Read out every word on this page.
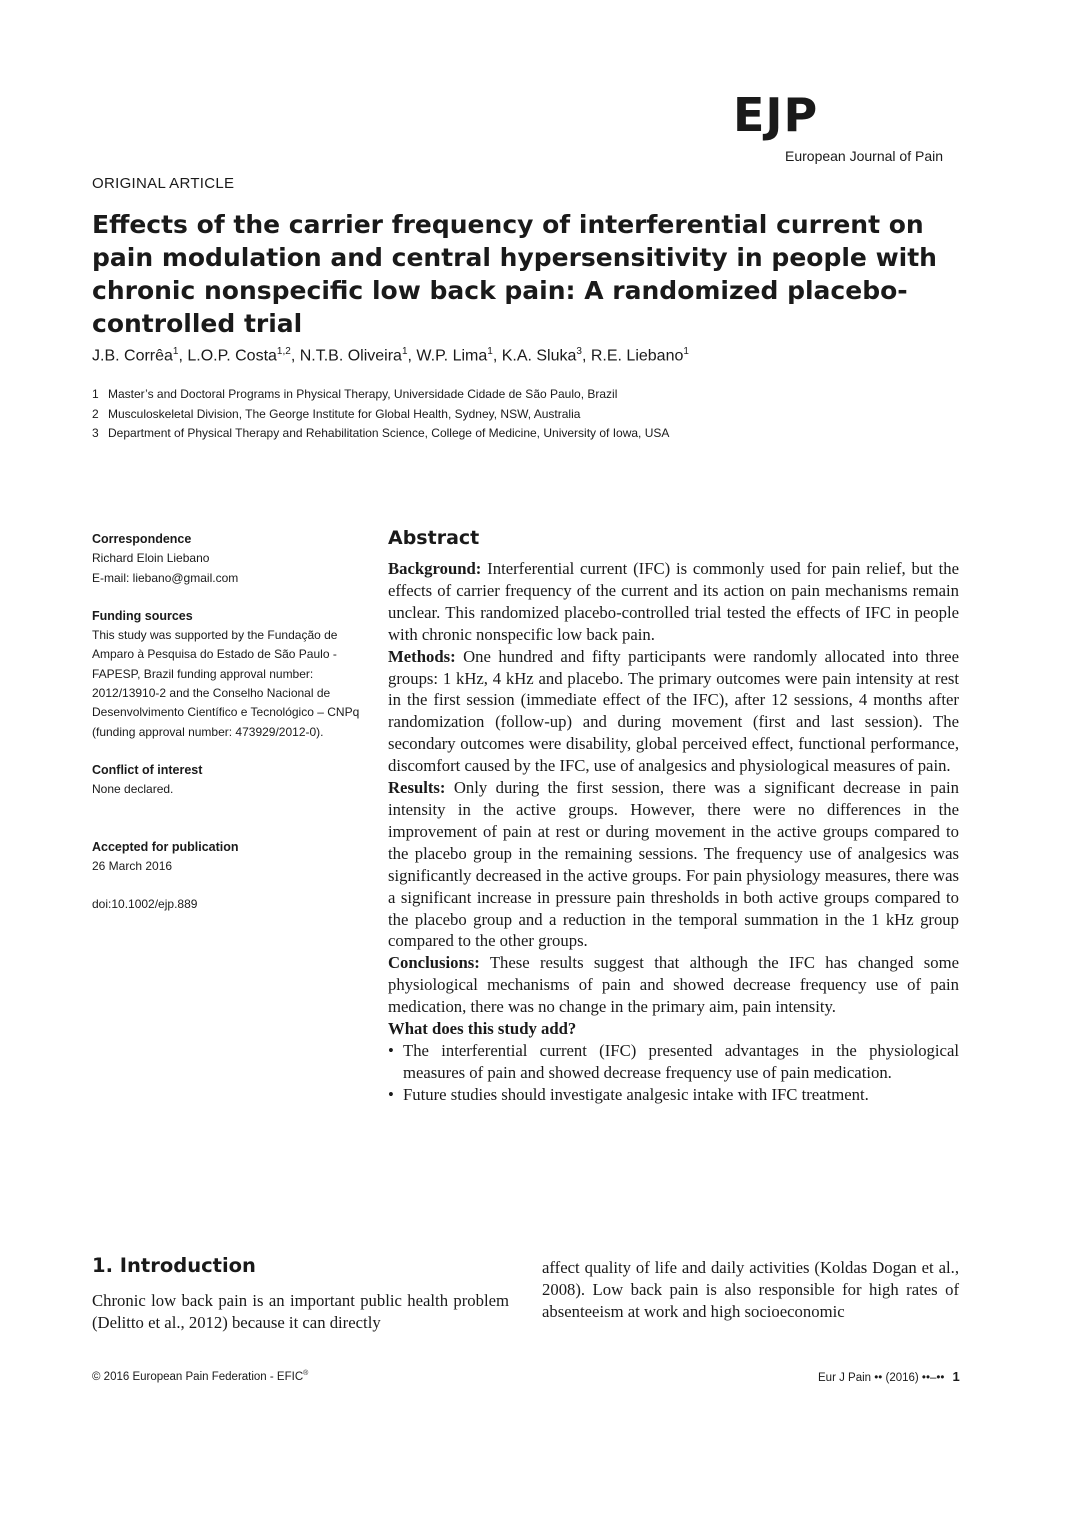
EJP
European Journal of Pain
ORIGINAL ARTICLE
Effects of the carrier frequency of interferential current on pain modulation and central hypersensitivity in people with chronic nonspecific low back pain: A randomized placebo-controlled trial
J.B. Corrêa$^1$, L.O.P. Costa$^{1,2}$, N.T.B. Oliveira$^1$, W.P. Lima$^1$, K.A. Sluka$^3$, R.E. Liebano$^1$
1 Master’s and Doctoral Programs in Physical Therapy, Universidade Cidade de São Paulo, Brazil
2 Musculoskeletal Division, The George Institute for Global Health, Sydney, NSW, Australia
3 Department of Physical Therapy and Rehabilitation Science, College of Medicine, University of Iowa, USA
Correspondence
Richard Eloin Liebano
E-mail: liebano@gmail.com
Funding sources
This study was supported by the Fundação de Amparo à Pesquisa do Estado de São Paulo - FAPESP, Brazil funding approval number: 2012/13910-2 and the Conselho Nacional de Desenvolvimento Científico e Tecnológico – CNPq (funding approval number: 473929/2012-0).
Conflict of interest
None declared.
Accepted for publication
26 March 2016
doi:10.1002/ejp.889
Abstract

Background: Interferential current (IFC) is commonly used for pain relief, but the effects of carrier frequency of the current and its action on pain mechanisms remain unclear. This randomized placebo-controlled trial tested the effects of IFC in people with chronic nonspecific low back pain.

Methods: One hundred and fifty participants were randomly allocated into three groups: 1 kHz, 4 kHz and placebo. The primary outcomes were pain intensity at rest in the first session (immediate effect of the IFC), after 12 sessions, 4 months after randomization (follow-up) and during movement (first and last session). The secondary outcomes were disability, global perceived effect, functional performance, discomfort caused by the IFC, use of analgesics and physiological measures of pain.

Results: Only during the first session, there was a significant decrease in pain intensity in the active groups. However, there were no differences in the improvement of pain at rest or during movement in the active groups compared to the placebo group in the remaining sessions. The frequency use of analgesics was significantly decreased in the active groups. For pain physiology measures, there was a significant increase in pressure pain thresholds in both active groups compared to the placebo group and a reduction in the temporal summation in the 1 kHz group compared to the other groups.

Conclusions: These results suggest that although the IFC has changed some physiological mechanisms of pain and showed decrease frequency use of pain medication, there was no change in the primary aim, pain intensity.

What does this study add?
• The interferential current (IFC) presented advantages in the physiological measures of pain and showed decrease frequency use of pain medication.
• Future studies should investigate analgesic intake with IFC treatment.
1. Introduction

Chronic low back pain is an important public health problem (Delitto et al., 2012) because it can directly

affect quality of life and daily activities (Koldas Dogan et al., 2008). Low back pain is also responsible for high rates of absenteeism at work and high socioeconomic

© 2016 European Pain Federation - EFIC®	Eur J Pain •• (2016) ••–•• 1
